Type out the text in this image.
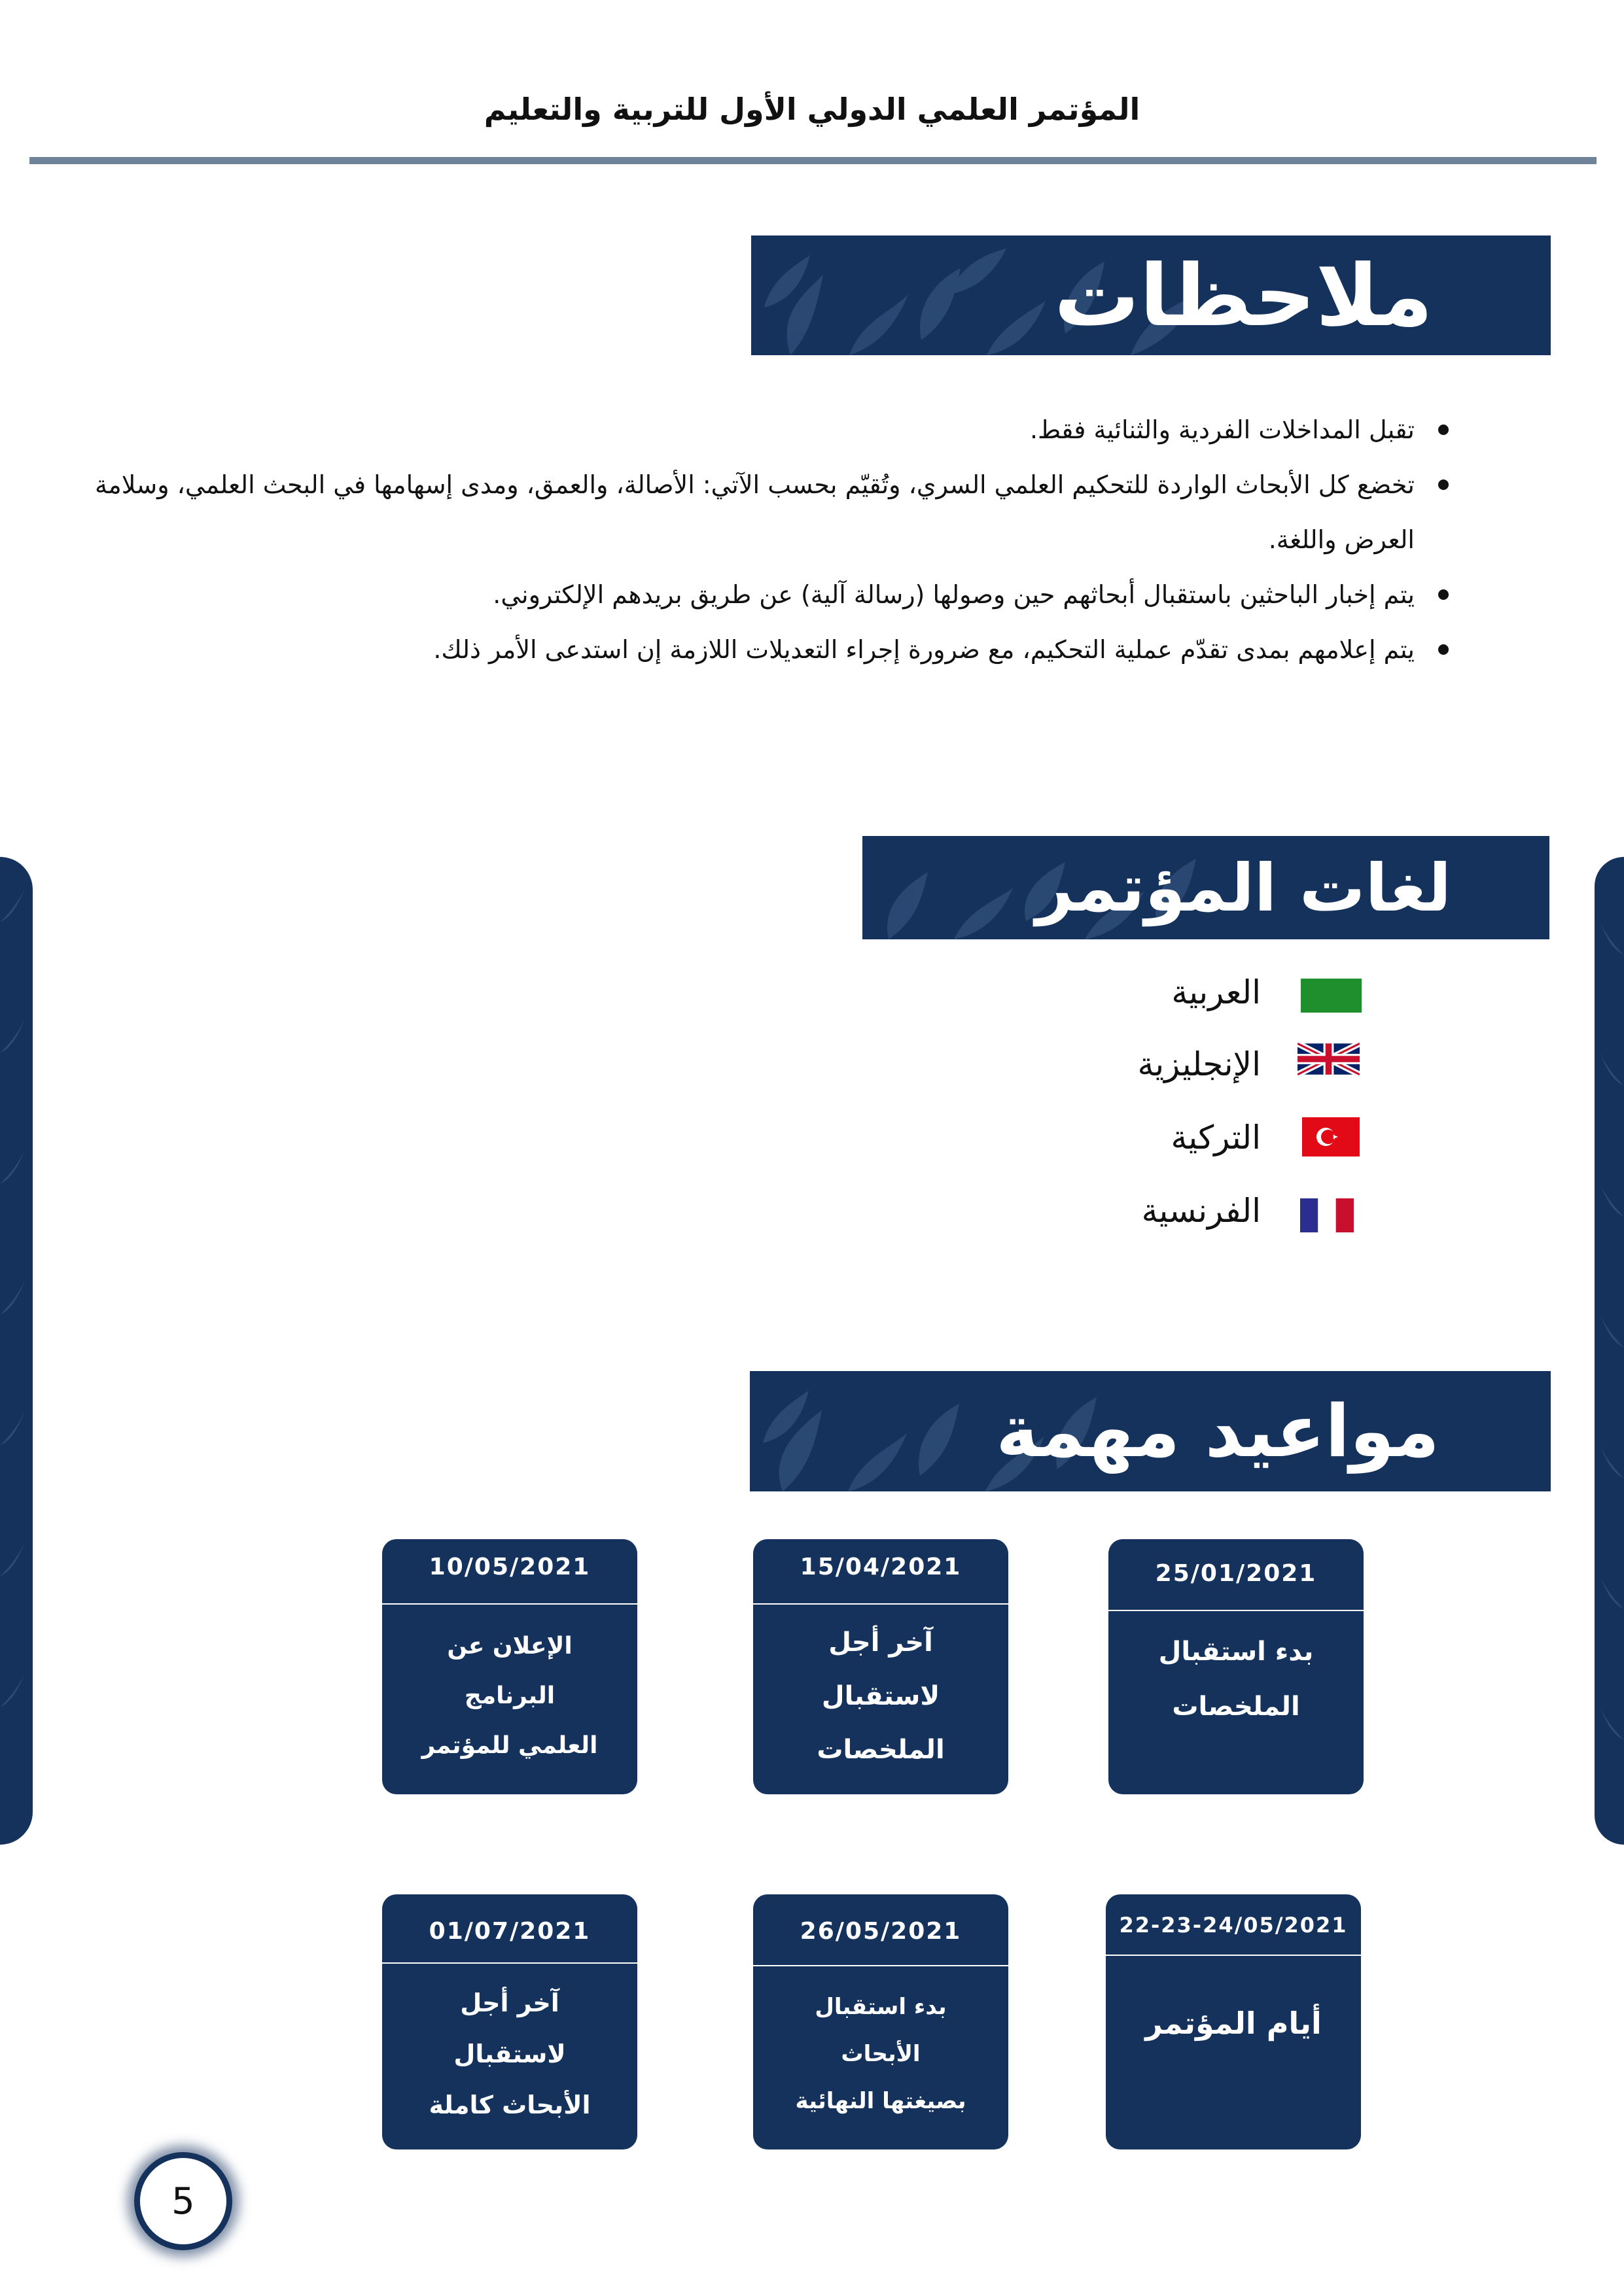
المؤتمر العلمي الدولي الأول للتربية والتعليم
ملاحظات
تقبل المداخلات الفردية والثنائية فقط.
تخضع كل الأبحاث الواردة للتحكيم العلمي السري، وتُقيّم بحسب الآتي: الأصالة، والعمق، ومدى إسهامها في البحث العلمي، وسلامة العرض واللغة.
يتم إخبار الباحثين باستقبال أبحاثهم حين وصولها (رسالة آلية) عن طريق بريدهم الإلكتروني.
يتم إعلامهم بمدى تقدّم عملية التحكيم، مع ضرورة إجراء التعديلات اللازمة إن استدعى الأمر ذلك.
لغات المؤتمر
العربية
الإنجليزية
التركية
الفرنسية
مواعيد مهمة
25/01/2021
بدء استقبال
الملخصات
15/04/2021
آخر أجل
لاستقبال
الملخصات
10/05/2021
الإعلان عن
البرنامج
العلمي للمؤتمر
22-23-24/05/2021
أيام المؤتمر
26/05/2021
بدء استقبال
الأبحاث
بصيغتها النهائية
01/07/2021
آخر أجل
لاستقبال
الأبحاث كاملة
5
